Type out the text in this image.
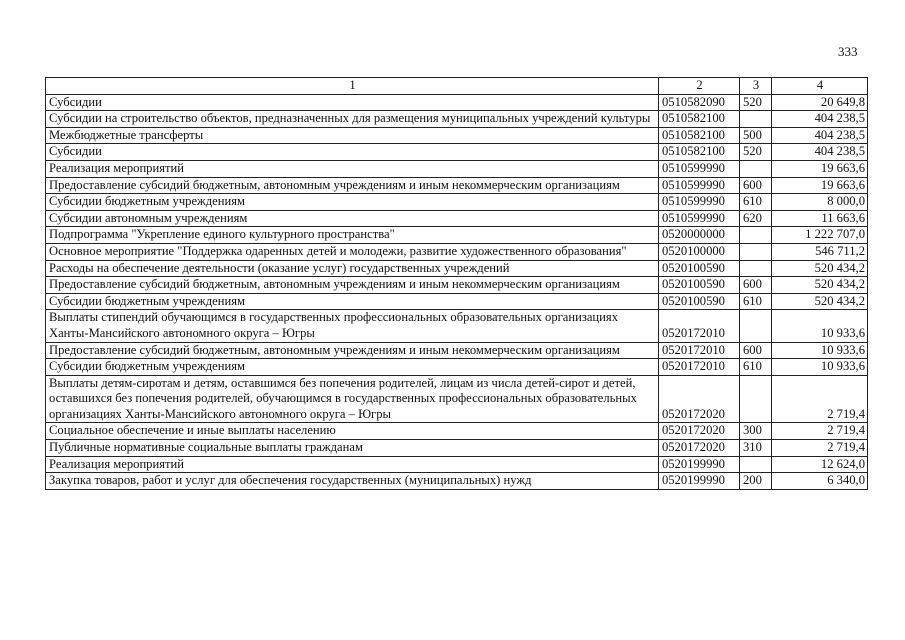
333
1	2	3	4
Субсидии	0510582090	520	20 649,8
Субсидии на строительство объектов, предназначенных для размещения муниципальных учреждений культуры	0510582100		404 238,5
Межбюджетные трансферты	0510582100	500	404 238,5
Субсидии	0510582100	520	404 238,5
Реализация мероприятий	0510599990		19 663,6
Предоставление субсидий бюджетным, автономным учреждениям и иным некоммерческим организациям	0510599990	600	19 663,6
Субсидии бюджетным учреждениям	0510599990	610	8 000,0
Субсидии автономным учреждениям	0510599990	620	11 663,6
Подпрограмма "Укрепление единого культурного пространства"	0520000000		1 222 707,0
Основное мероприятие "Поддержка одаренных детей и молодежи, развитие художественного образования"	0520100000		546 711,2
Расходы на обеспечение деятельности (оказание услуг) государственных учреждений	0520100590		520 434,2
Предоставление субсидий бюджетным, автономным учреждениям и иным некоммерческим организациям	0520100590	600	520 434,2
Субсидии бюджетным учреждениям	0520100590	610	520 434,2
Выплаты стипендий обучающимся в государственных профессиональных образовательных организациях Ханты-Мансийского автономного округа – Югры	0520172010		10 933,6
Предоставление субсидий бюджетным, автономным учреждениям и иным некоммерческим организациям	0520172010	600	10 933,6
Субсидии бюджетным учреждениям	0520172010	610	10 933,6
Выплаты детям-сиротам и детям, оставшимся без попечения родителей, лицам из числа детей-сирот и детей, оставшихся без попечения родителей, обучающимся в государственных профессиональных образовательных организациях Ханты-Мансийского автономного округа – Югры	0520172020		2 719,4
Социальное обеспечение и иные выплаты населению	0520172020	300	2 719,4
Публичные нормативные социальные выплаты гражданам	0520172020	310	2 719,4
Реализация мероприятий	0520199990		12 624,0
Закупка товаров, работ и услуг для обеспечения государственных (муниципальных) нужд	0520199990	200	6 340,0
